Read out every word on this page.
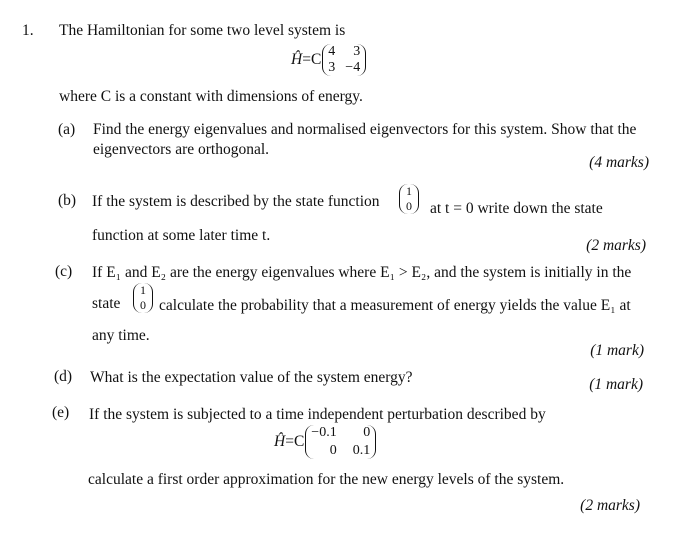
1. The Hamiltonian for some two level system is
Ĥ=C 4	3
3 −4
where C is a constant with dimensions of energy.
(a) Find the energy eigenvalues and normalised eigenvectors for this system. Show that the
eigenvectors are orthogonal.
(4 marks)
(b) If the system is described by the state function
1
0	at t = 0 write down the state
function at some later time t.
(2 marks)
(c) If E₁ and E₂ are the energy eigenvalues where E₁ > E₂, and the system is initially in the
state
1
0 calculate the probability that a measurement of energy yields the value E₁ at
any time.
(1 mark)
(d) What is the expectation value of the system energy?	(1 mark)
(e) If the system is subjected to a time independent perturbation described by
Ĥ=C
−0.1	0
0 0.1
calculate a first order approximation for the new energy levels of the system.
(2 marks)
